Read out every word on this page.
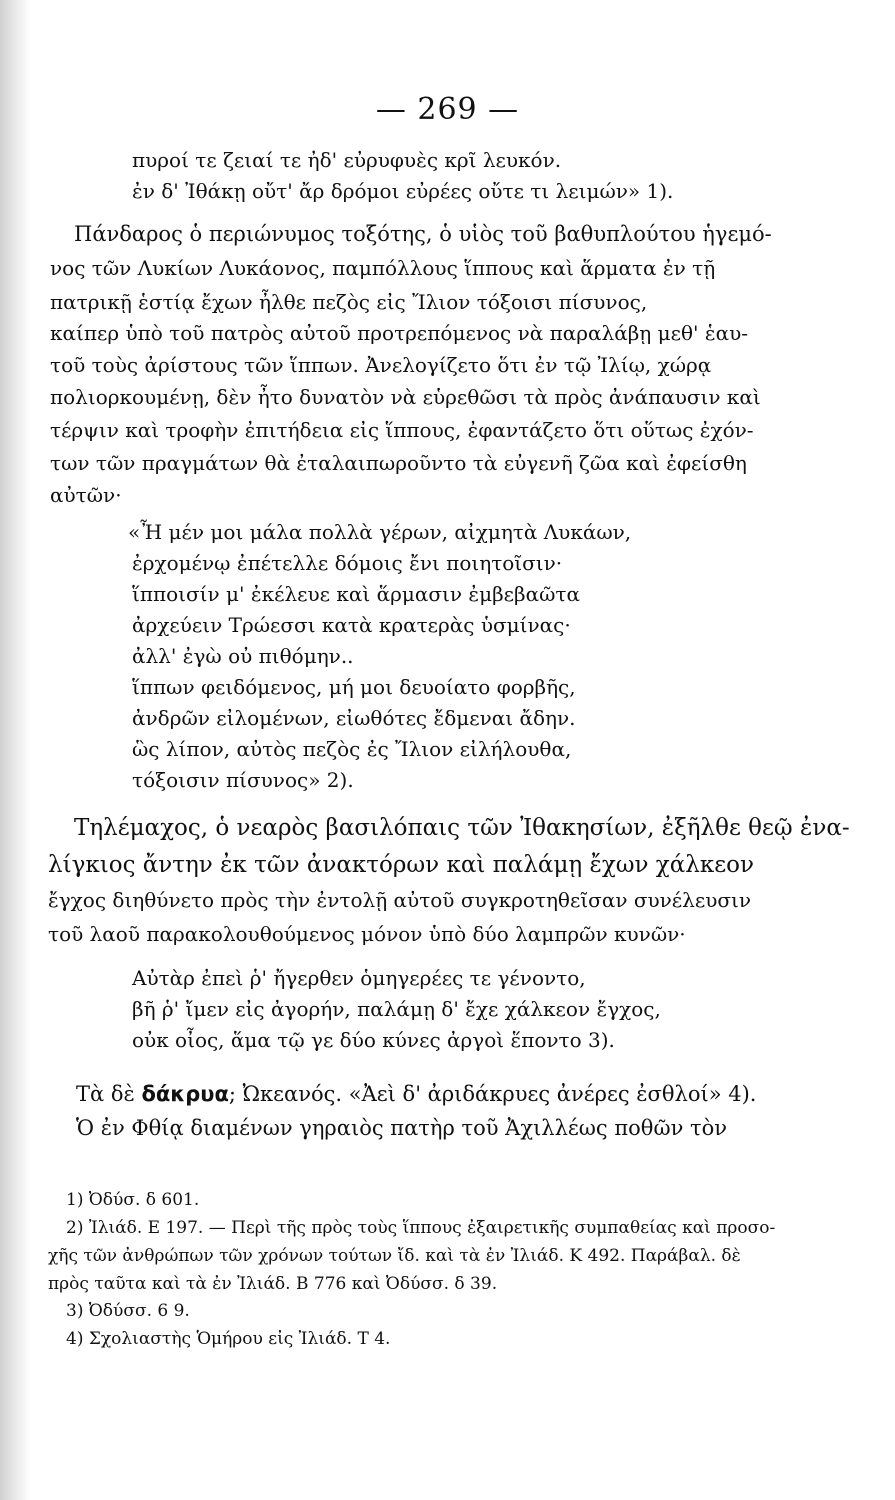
— 269 —
πυροί τε ζειαί τε ἠδ' εὐρυφυὲς κρῖ λευκόν.
ἐν δ' Ἰθάκῃ οὔτ' ἄρ δρόμοι εὐρέες οὔτε τι λειμών» 1).
Πάνδαρος ὁ περιώνυμος τοξότης, ὁ υἱὸς τοῦ βαθυπλούτου ἡγεμό-
νος τῶν Λυκίων Λυκάονος, παμπόλλους ἵππους καὶ ἅρματα ἐν τῇ
πατρικῇ ἑστίᾳ ἔχων ἦλθε πεζὸς εἰς Ἴλιον τόξοισι πίσυνος,
καίπερ ὑπὸ τοῦ πατρὸς αὐτοῦ προτρεπόμενος νὰ παραλάβῃ μεθ' ἑαυ-
τοῦ τοὺς ἀρίστους τῶν ἵππων. Ἀνελογίζετο ὅτι ἐν τῷ Ἰλίῳ, χώρᾳ
πολιορκουμένῃ, δὲν ἦτο δυνατὸν νὰ εὑρεθῶσι τὰ πρὸς ἀνάπαυσιν καὶ
τέρψιν καὶ τροφὴν ἐπιτήδεια εἰς ἵππους, ἐφαντάζετο ὅτι οὕτως ἐχόν-
των τῶν πραγμάτων θὰ ἐταλαιπωροῦντο τὰ εὐγενῆ ζῶα καὶ ἐφείσθη
αὐτῶν·
«Ἦ μέν μοι μάλα πολλὰ γέρων, αἰχμητὰ Λυκάων,
ἐρχομένῳ ἐπέτελλε δόμοις ἔνι ποιητοῖσιν·
ἵπποισίν μ' ἐκέλευε καὶ ἅρμασιν ἐμβεβαῶτα
ἀρχεύειν Τρώεσσι κατὰ κρατερὰς ὑσμίνας·
ἀλλ' ἐγὼ οὐ πιθόμην..
ἵππων φειδόμενος, μή μοι δευοίατο φορβῆς,
ἀνδρῶν εἰλομένων, εἰωθότες ἔδμεναι ἄδην.
ὣς λίπον, αὐτὸς πεζὸς ἐς Ἴλιον εἰλήλουθα,
τόξοισιν πίσυνος» 2).
Τηλέμαχος, ὁ νεαρὸς βασιλόπαις τῶν Ἰθακησίων, ἐξῆλθε θεῷ ἐνα-
λίγκιος ἄντην ἐκ τῶν ἀνακτόρων καὶ παλάμῃ ἔχων χάλκεον
ἔγχος διηθύνετο πρὸς τὴν ἐντολῇ αὐτοῦ συγκροτηθεῖσαν συνέλευσιν
τοῦ λαοῦ παρακολουθούμενος μόνον ὑπὸ δύο λαμπρῶν κυνῶν·
Αὐτὰρ ἐπεὶ ῥ' ἤγερθεν ὁμηγερέες τε γένοντο,
βῆ ῥ' ἴμεν εἰς ἀγορήν, παλάμῃ δ' ἔχε χάλκεον ἔγχος,
οὐκ οἶος, ἅμα τῷ γε δύο κύνες ἀργοὶ ἕποντο 3).
Τὰ δὲ δάκρυα; Ὠκεανός. «Ἀεὶ δ' ἀριδάκρυες ἀνέρες ἐσθλοί» 4).
Ὁ ἐν Φθίᾳ διαμένων γηραιὸς πατὴρ τοῦ Ἀχιλλέως ποθῶν τὸν
1) Ὀδύσ. δ 601.
2) Ἰλιάδ. Ε 197. — Περὶ τῆς πρὸς τοὺς ἵππους ἐξαιρετικῆς συμπαθείας καὶ προσο-
χῆς τῶν ἀνθρώπων τῶν χρόνων τούτων ἴδ. καὶ τὰ ἐν Ἰλιάδ. Κ 492. Παράβαλ. δὲ
πρὸς ταῦτα καὶ τὰ ἐν Ἰλιάδ. Β 776 καὶ Ὀδύσσ. δ 39.
3) Ὀδύσσ. 6 9.
4) Σχολιαστὴς Ὁμήρου εἰς Ἰλιάδ. Τ 4.
